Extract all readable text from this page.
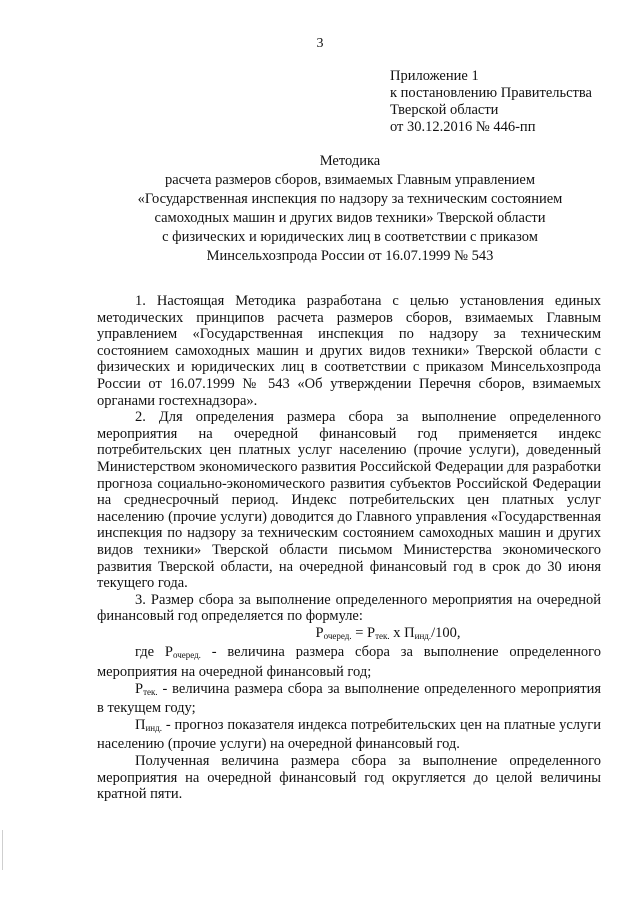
3
Приложение 1
к постановлению Правительства
Тверской области
от 30.12.2016 № 446-пп
Методика
расчета размеров сборов, взимаемых Главным управлением
«Государственная инспекция по надзору за техническим состоянием
самоходных машин и других видов техники» Тверской области
с физических и юридических лиц в соответствии с приказом
Минсельхозпрода России от 16.07.1999 № 543

1. Настоящая Методика разработана с целью установления единых методических принципов расчета размеров сборов, взимаемых Главным управлением «Государственная инспекция по надзору за техническим состоянием самоходных машин и других видов техники» Тверской области с физических и юридических лиц в соответствии с приказом Минсельхозпрода России от 16.07.1999 № 543 «Об утверждении Перечня сборов, взимаемых органами гостехнадзора».

2. Для определения размера сбора за выполнение определенного мероприятия на очередной финансовый год применяется индекс потребительских цен платных услуг населению (прочие услуги), доведенный Министерством экономического развития Российской Федерации для разработки прогноза социально-экономического развития субъектов Российской Федерации на среднесрочный период. Индекс потребительских цен платных услуг населению (прочие услуги) доводится до Главного управления «Государственная инспекция по надзору за техническим состоянием самоходных машин и других видов техники» Тверской области письмом Министерства экономического развития Тверской области, на очередной финансовый год в срок до 30 июня текущего года.

3. Размер сбора за выполнение определенного мероприятия на очередной финансовый год определяется по формуле:

$P_{очеред.} = P_{тек.}$ x $П_{инд.}/100$,

где $P_{очеред.}$ - величина размера сбора за выполнение определенного мероприятия на очередной финансовый год;

$P_{тек.}$ - величина размера сбора за выполнение определенного мероприятия в текущем году;

$П_{инд.}$ - прогноз показателя индекса потребительских цен на платные услуги населению (прочие услуги) на очередной финансовый год.

Полученная величина размера сбора за выполнение определенного мероприятия на очередной финансовый год округляется до целой величины кратной пяти.
